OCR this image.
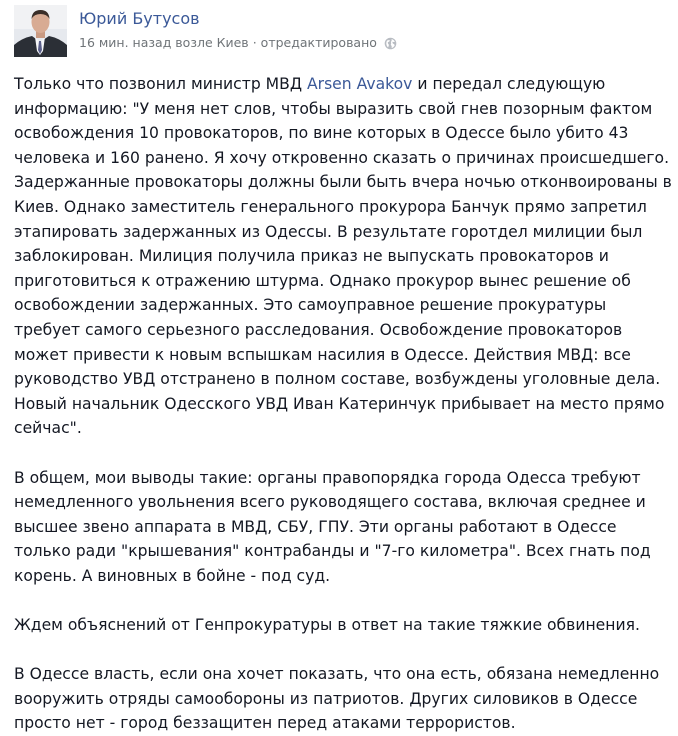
Юрий Бутусов
16 мин. назад возле Киев · отредактировано

Только что позвонил министр МВД Arsen Avakov и передал следующую информацию: "У меня нет слов, чтобы выразить свой гнев позорным фактом освобождения 10 провокаторов, по вине которых в Одессе было убито 43 человека и 160 ранено. Я хочу откровенно сказать о причинах происшедшего. Задержанные провокаторы должны были быть вчера ночью отконвоированы в Киев. Однако заместитель генерального прокурора Банчук прямо запретил этапировать задержанных из Одессы. В результате горотдел милиции был заблокирован. Милиция получила приказ не выпускать провокаторов и приготовиться к отражению штурма. Однако прокурор вынес решение об освобождении задержанных. Это самоуправное решение прокуратуры требует самого серьезного расследования. Освобождение провокаторов может привести к новым вспышкам насилия в Одессе. Действия МВД: все руководство УВД отстранено в полном составе, возбуждены уголовные дела. Новый начальник Одесского УВД Иван Катеринчук прибывает на место прямо сейчас".

В общем, мои выводы такие: органы правопорядка города Одесса требуют немедленного увольнения всего руководящего состава, включая среднее и высшее звено аппарата в МВД, СБУ, ГПУ. Эти органы работают в Одессе только ради "крышевания" контрабанды и "7-го километра". Всех гнать под корень. А виновных в бойне - под суд.

Ждем объяснений от Генпрокуратуры в ответ на такие тяжкие обвинения.

В Одессе власть, если она хочет показать, что она есть, обязана немедленно вооружить отряды самообороны из патриотов. Других силовиков в Одессе просто нет - город беззащитен перед атаками террористов.
